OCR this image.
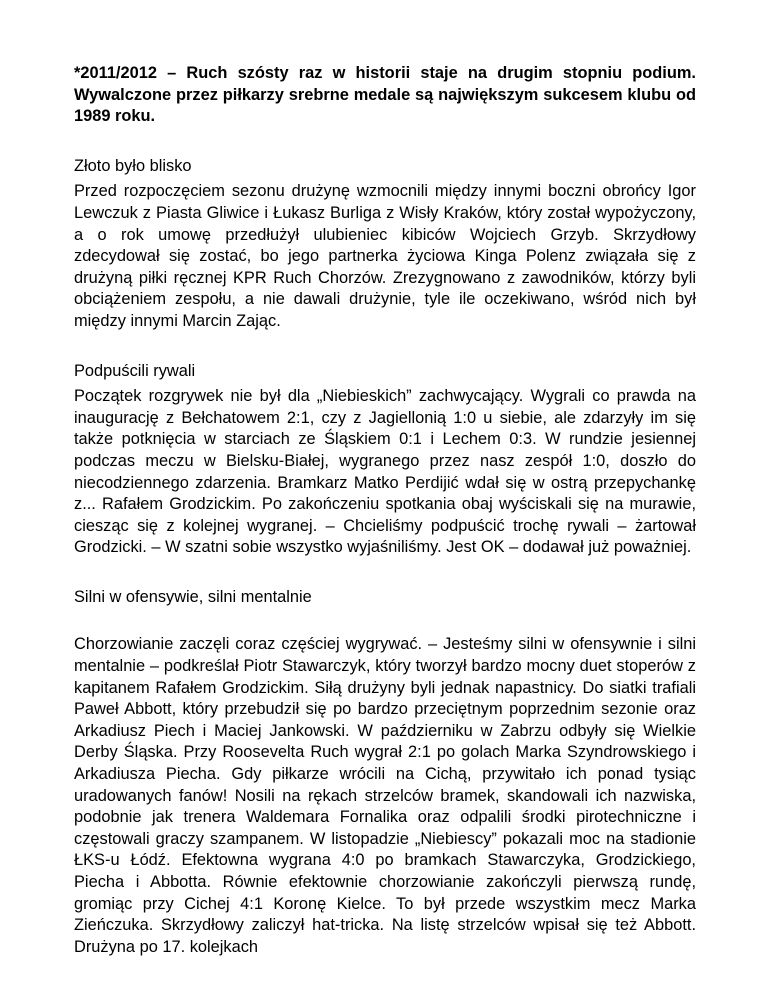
*2011/2012 – Ruch szósty raz w historii staje na drugim stopniu podium. Wywalczone przez piłkarzy srebrne medale są największym sukcesem klubu od 1989 roku.

Złoto było blisko

Przed rozpoczęciem sezonu drużynę wzmocnili między innymi boczni obrońcy Igor Lewczuk z Piasta Gliwice i Łukasz Burliga z Wisły Kraków, który został wypożyczony, a o rok umowę przedłużył ulubieniec kibiców Wojciech Grzyb. Skrzydłowy zdecydował się zostać, bo jego partnerka życiowa Kinga Polenz związała się z drużyną piłki ręcznej KPR Ruch Chorzów. Zrezygnowano z zawodników, którzy byli obciążeniem zespołu, a nie dawali drużynie, tyle ile oczekiwano, wśród nich był między innymi Marcin Zając.

Podpuścili rywali

Początek rozgrywek nie był dla „Niebieskich” zachwycający. Wygrali co prawda na inaugurację z Bełchatowem 2:1, czy z Jagiellonią 1:0 u siebie, ale zdarzyły im się także potknięcia w starciach ze Śląskiem 0:1 i Lechem 0:3. W rundzie jesiennej podczas meczu w Bielsku-Białej, wygranego przez nasz zespół 1:0, doszło do niecodziennego zdarzenia. Bramkarz Matko Perdijić wdał się w ostrą przepychankę z... Rafałem Grodzickim. Po zakończeniu spotkania obaj wyściskali się na murawie, ciesząc się z kolejnej wygranej. – Chcieliśmy podpuścić trochę rywali – żartował Grodzicki. – W szatni sobie wszystko wyjaśniliśmy. Jest OK – dodawał już poważniej.

Silni w ofensywie, silni mentalnie

Chorzowianie zaczęli coraz częściej wygrywać. – Jesteśmy silni w ofensywnie i silni mentalnie – podkreślał Piotr Stawarczyk, który tworzył bardzo mocny duet stoperów z kapitanem Rafałem Grodzickim. Siłą drużyny byli jednak napastnicy. Do siatki trafiali Paweł Abbott, który przebudził się po bardzo przeciętnym poprzednim sezonie oraz Arkadiusz Piech i Maciej Jankowski. W październiku w Zabrzu odbyły się Wielkie Derby Śląska. Przy Roosevelta Ruch wygrał 2:1 po golach Marka Szyndrowskiego i Arkadiusza Piecha. Gdy piłkarze wrócili na Cichą, przywitało ich ponad tysiąc uradowanych fanów! Nosili na rękach strzelców bramek, skandowali ich nazwiska, podobnie jak trenera Waldemara Fornalika oraz odpalili środki pirotechniczne i częstowali graczy szampanem. W listopadzie „Niebiescy” pokazali moc na stadionie ŁKS-u Łódź. Efektowna wygrana 4:0 po bramkach Stawarczyka, Grodzickiego, Piecha i Abbotta. Równie efektownie chorzowianie zakończyli pierwszą rundę, gromiąc przy Cichej 4:1 Koronę Kielce. To był przede wszystkim mecz Marka Zieńczuka. Skrzydłowy zaliczył hat-tricka. Na listę strzelców wpisał się też Abbott. Drużyna po 17. kolejkach
